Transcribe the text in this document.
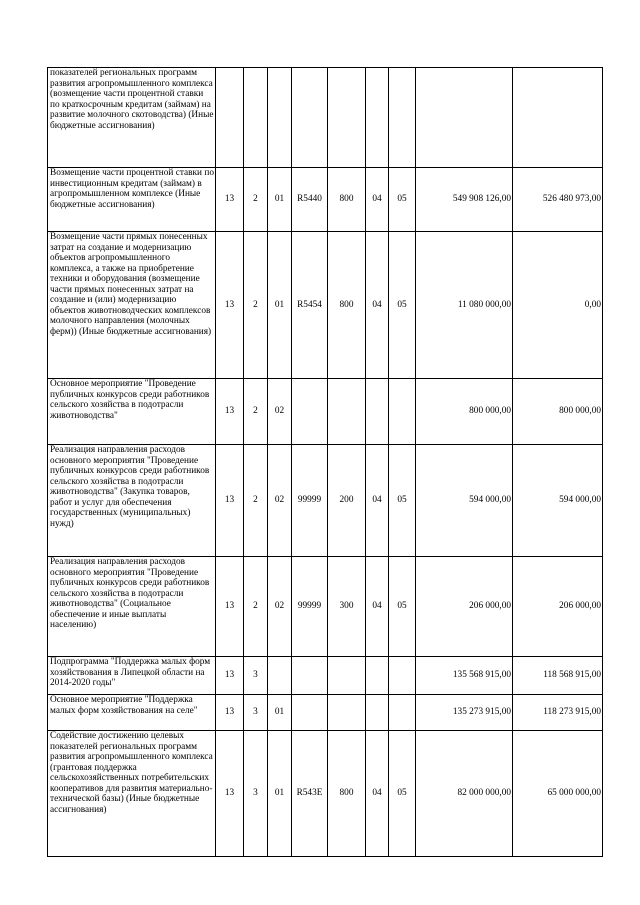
показателей региональных программ развития агропромышленного комплекса (возмещение части процентной ставки по краткосрочным кредитам (займам) на развитие молочного скотоводства) (Иные бюджетные ассигнования)									
Возмещение части процентной ставки по инвестиционным кредитам (займам) в агропромышленном комплексе (Иные бюджетные ассигнования)	13	2	01	R5440	800	04	05	549 908 126,00	526 480 973,00
Возмещение части прямых понесенных затрат на создание и модернизацию объектов агропромышленного комплекса, а также на приобретение техники и оборудования (возмещение части прямых понесенных затрат на создание и (или) модернизацию объектов животноводческих комплексов молочного направления (молочных ферм)) (Иные бюджетные ассигнования)	13	2	01	R5454	800	04	05	11 080 000,00	0,00
Основное мероприятие "Проведение публичных конкурсов среди работников сельского хозяйства в подотрасли животноводства"	13	2	02					800 000,00	800 000,00
Реализация направления расходов основного мероприятия "Проведение публичных конкурсов среди работников сельского хозяйства в подотрасли животноводства" (Закупка товаров, работ и услуг для обеспечения государственных (муниципальных) нужд)	13	2	02	99999	200	04	05	594 000,00	594 000,00
Реализация направления расходов основного мероприятия "Проведение публичных конкурсов среди работников сельского хозяйства в подотрасли животноводства" (Социальное обеспечение и иные выплаты населению)	13	2	02	99999	300	04	05	206 000,00	206 000,00
Подпрограмма "Поддержка малых форм хозяйствования в Липецкой области на 2014-2020 годы"	13	3						135 568 915,00	118 568 915,00
Основное мероприятие "Поддержка малых форм хозяйствования на селе"	13	3	01					135 273 915,00	118 273 915,00
Содействие достижению целевых показателей региональных программ развития агропромышленного комплекса (грантовая поддержка сельскохозяйственных потребительских кооперативов для развития материально-технической базы) (Иные бюджетные ассигнования)	13	3	01	R543E	800	04	05	82 000 000,00	65 000 000,00
